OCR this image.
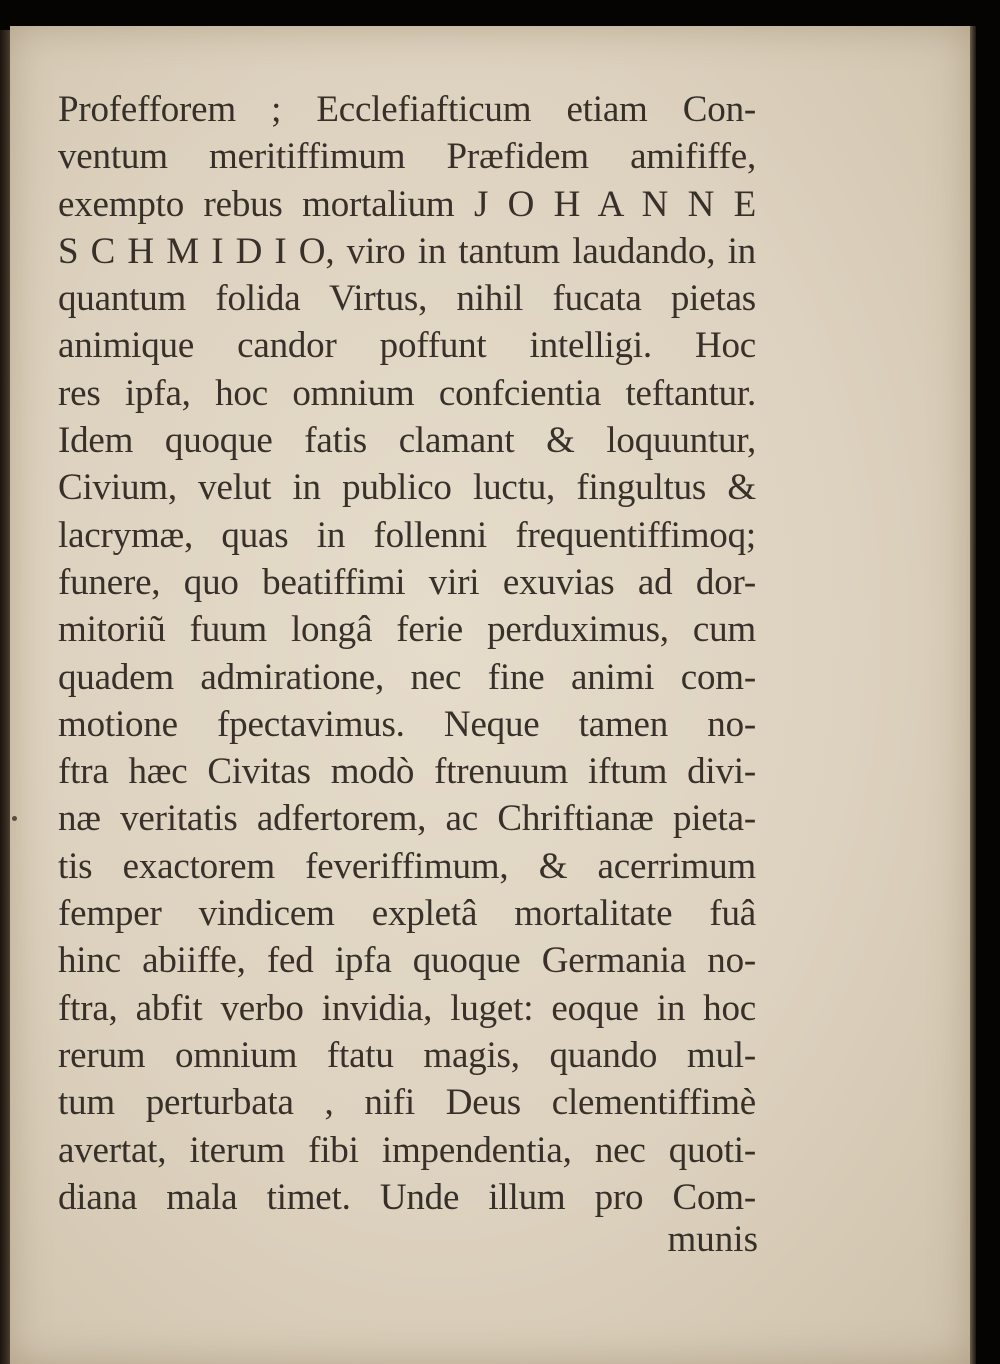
Profefforem ; Ecclefiafticum etiam Con-
ventum meritiffimum Præfidem amififfe,
exempto rebus mortalium J O H A N N E
S C H M I D I O, viro in tantum laudando, in
quantum folida Virtus, nihil fucata pietas
animique candor poffunt intelligi. Hoc
res ipfa, hoc omnium confcientia teftantur.
Idem quoque fatis clamant & loquuntur,
Civium, velut in publico luctu, fingultus &
lacrymæ, quas in follenni frequentiffimoq;
funere, quo beatiffimi viri exuvias ad dor-
mitoriũ fuum longâ ferie perduximus, cum
quadem admiratione, nec fine animi com-
motione fpectavimus. Neque tamen no-
ftra hæc Civitas modò ftrenuum iftum divi-
næ veritatis adfertorem, ac Chriftianæ pieta-
tis exactorem feveriffimum, & acerrimum
femper vindicem expletâ mortalitate fuâ
hinc abiiffe, fed ipfa quoque Germania no-
ftra, abfit verbo invidia, luget: eoque in hoc
rerum omnium ftatu magis, quando mul-
tum perturbata , nifi Deus clementiffimè
avertat, iterum fibi impendentia, nec quoti-
diana mala timet. Unde illum pro Com-
munis
